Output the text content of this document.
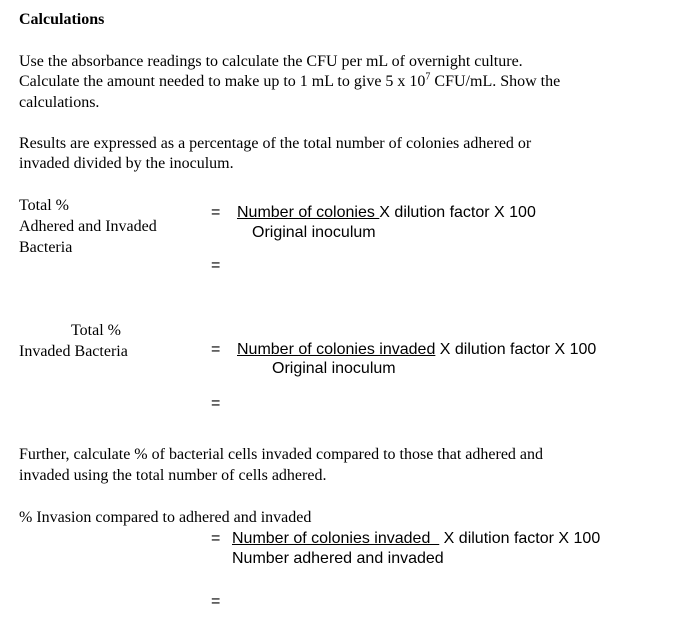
Calculations
Use the absorbance readings to calculate the CFU per mL of overnight culture.
Calculate the amount needed to make up to 1 mL to give 5 x $10^7$ CFU/mL. Show the
calculations.
Results are expressed as a percentage of the total number of colonies adhered or
invaded divided by the inoculum.
Total %
Adhered and Invaded
Bacteria
= Number of colonies X dilution factor X 100
Original inoculum
=
Total %
Invaded Bacteria	= Number of colonies invaded X dilution factor X 100
Original inoculum
=
Further, calculate % of bacterial cells invaded compared to those that adhered and
invaded using the total number of cells adhered.
% Invasion compared to adhered and invaded
= Number of colonies invaded   X dilution factor X 100
Number adhered and invaded
=
